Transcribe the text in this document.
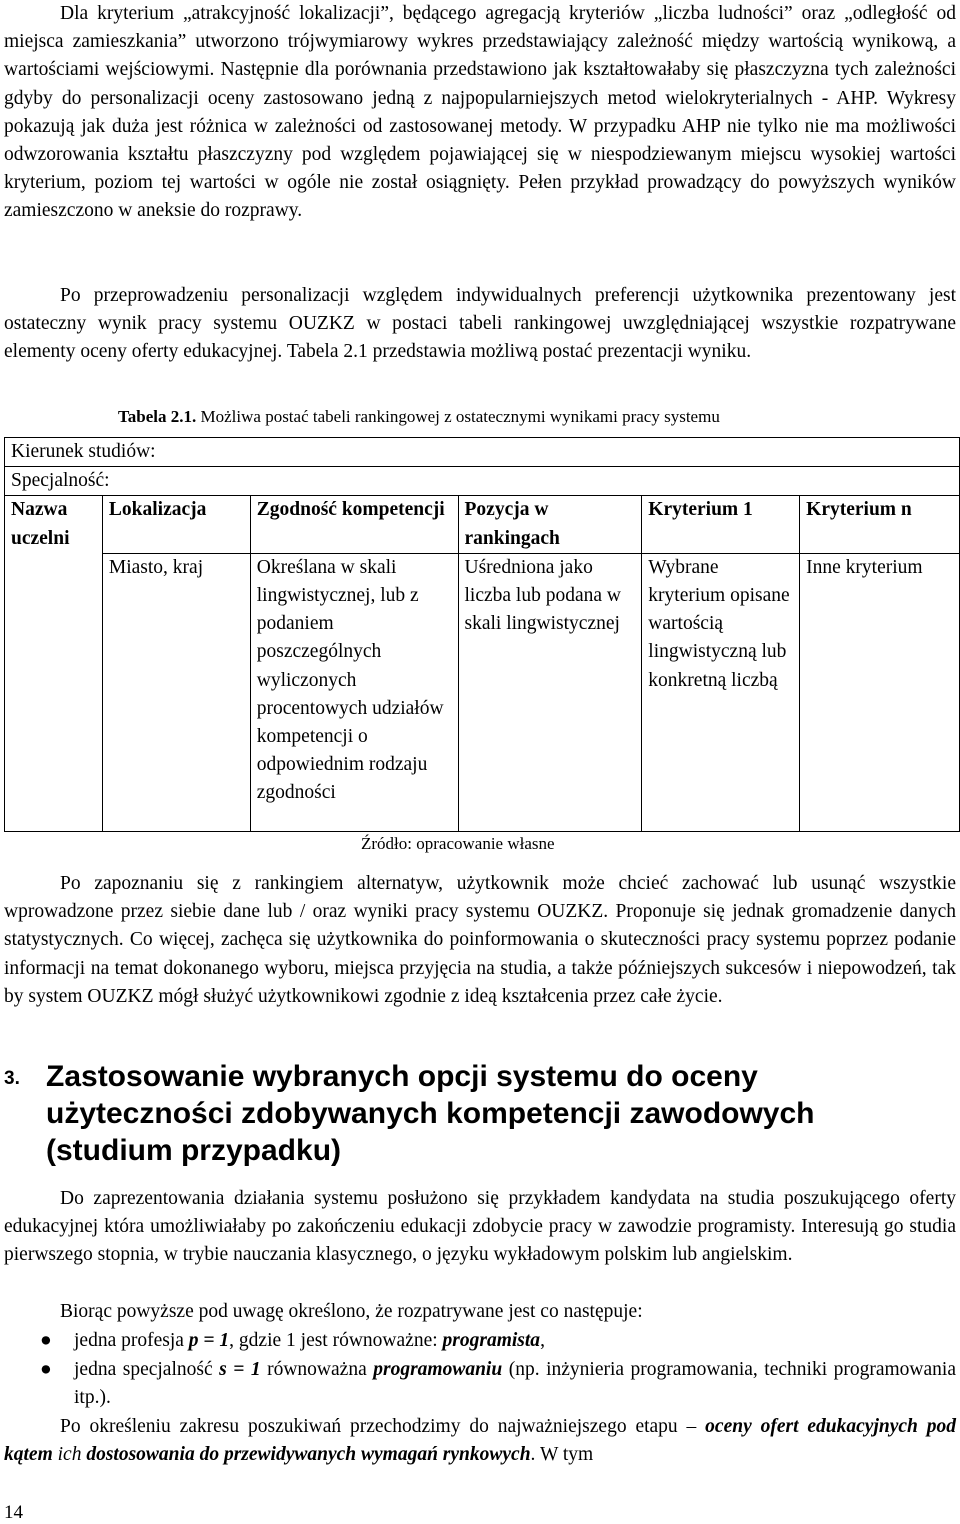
Dla kryterium „atrakcyjność lokalizacji”, będącego agregacją kryteriów „liczba ludności” oraz „odległość od miejsca zamieszkania” utworzono trójwymiarowy wykres przedstawiający zależność między wartością wynikową, a wartościami wejściowymi. Następnie dla porównania przedstawiono jak kształtowałaby się płaszczyzna tych zależności gdyby do personalizacji oceny zastosowano jedną z najpopularniejszych metod wielokryterialnych - AHP. Wykresy pokazują jak duża jest różnica w zależności od zastosowanej metody. W przypadku AHP nie tylko nie ma możliwości odwzorowania kształtu płaszczyzny pod względem pojawiającej się w niespodziewanym miejscu wysokiej wartości kryterium, poziom tej wartości w ogóle nie został osiągnięty. Pełen przykład prowadzący do powyższych wyników zamieszczono w aneksie do rozprawy.

Po przeprowadzeniu personalizacji względem indywidualnych preferencji użytkownika prezentowany jest ostateczny wynik pracy systemu OUZKZ w postaci tabeli rankingowej uwzględniającej wszystkie rozpatrywane elementy oceny oferty edukacyjnej. Tabela 2.1 przedstawia możliwą postać prezentacji wyniku.

Tabela 2.1. Możliwa postać tabeli rankingowej z ostatecznymi wynikami pracy systemu
Kierunek studiów:					
Specjalność:					
Nazwa uczelni	Lokalizacja	Zgodność kompetencji	Pozycja w rankingach	Kryterium 1	Kryterium n
	Miasto, kraj	Określana w skali lingwistycznej, lub z podaniem poszczególnych wyliczonych procentowych udziałów kompetencji o odpowiednim rodzaju zgodności	Uśredniona jako liczba lub podana w skali lingwistycznej	Wybrane kryterium opisane wartością lingwistyczną lub konkretną liczbą	Inne kryterium
Źródło: opracowanie własne

Po zapoznaniu się z rankingiem alternatyw, użytkownik może chcieć zachować lub usunąć wszystkie wprowadzone przez siebie dane lub / oraz wyniki pracy systemu OUZKZ. Proponuje się jednak gromadzenie danych statystycznych. Co więcej, zachęca się użytkownika do poinformowania o skuteczności pracy systemu poprzez podanie informacji na temat dokonanego wyboru, miejsca przyjęcia na studia, a także późniejszych sukcesów i niepowodzeń, tak by system OUZKZ mógł służyć użytkownikowi zgodnie z ideą kształcenia przez całe życie.

3. Zastosowanie wybranych opcji systemu do oceny użyteczności zdobywanych kompetencji zawodowych (studium przypadku)

Do zaprezentowania działania systemu posłużono się przykładem kandydata na studia poszukującego oferty edukacyjnej która umożliwiałaby po zakończeniu edukacji zdobycie pracy w zawodzie programisty. Interesują go studia pierwszego stopnia, w trybie nauczania klasycznego, o języku wykładowym polskim lub angielskim.

Biorąc powyższe pod uwagę określono, że rozpatrywane jest co następuje:

● jedna profesja p = 1, gdzie 1 jest równoważne: programista,
● jedna specjalność s = 1 równoważna programowaniu (np. inżynieria programowania, techniki programowania itp.).

Po określeniu zakresu poszukiwań przechodzimy do najważniejszego etapu – oceny ofert edukacyjnych pod kątem ich dostosowania do przewidywanych wymagań rynkowych. W tym

14
